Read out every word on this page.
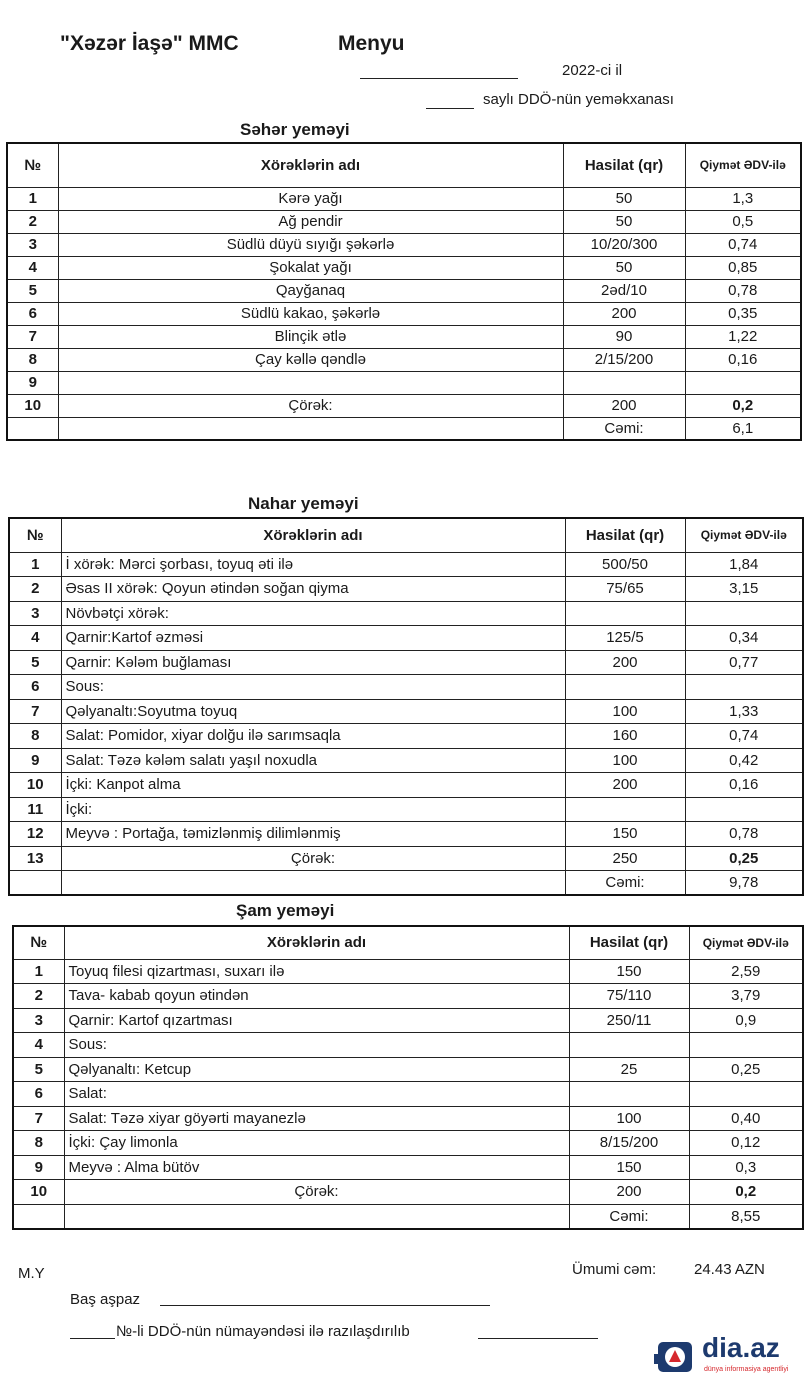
"Xəzər İaşə" MMC	Menyu
2022-ci il
saylı DDÖ-nün yeməkxanası
Səhər yeməyi
№	Xörəklərin adı	Hasilat (qr)	Qiymət ƏDV-ilə
1	Kərə yağı	50	1,3
2	Ağ pendir	50	0,5
3	Südlü düyü sıyığı şəkərlə	10/20/300	0,74
4	Şokalat yağı	50	0,85
5	Qayğanaq	2əd/10	0,78
6	Südlü kakao, şəkərlə	200	0,35
7	Blinçik ətlə	90	1,22
8	Çay kəllə qəndlə	2/15/200	0,16
9			
10	Çörək:	200	0,2
		Cəmi:	6,1
Nahar yeməyi
№	Xörəklərin adı	Hasilat (qr)	Qiymət ƏDV-ilə
1	İ xörək: Mərci şorbası, toyuq əti ilə	500/50	1,84
2	Əsas II xörək: Qoyun ətindən soğan qiyma	75/65	3,15
3	Növbətçi xörək:		
4	Qarnir:Kartof əzməsi	125/5	0,34
5	Qarnir: Kələm buğlaması	200	0,77
6	Sous:		
7	Qəlyanaltı:Soyutma toyuq	100	1,33
8	Salat: Pomidor, xiyar dolğu ilə sarımsaqla	160	0,74
9	Salat: Təzə kələm salatı yaşıl noxudla	100	0,42
10	İçki: Kanpot alma	200	0,16
11	İçki:		
12	Meyvə : Portağa, təmizlənmiş dilimlənmiş	150	0,78
13	Çörək:	250	0,25
		Cəmi:	9,78
Şam yeməyi
№	Xörəklərin adı	Hasilat (qr)	Qiymət ƏDV-ilə
1	Toyuq filesi qizartması, suxarı ilə	150	2,59
2	Tava- kabab qoyun ətindən	75/110	3,79
3	Qarnir: Kartof qızartması	250/11	0,9
4	Sous:		
5	Qəlyanaltı: Ketcup	25	0,25
6	Salat:		
7	Salat: Təzə xiyar göyərti mayanezlə	100	0,40
8	İçki: Çay limonla	8/15/200	0,12
9	Meyvə : Alma bütöv	150	0,3
10	Çörək:	200	0,2
		Cəmi:	8,55
M.Y	Ümumi cəm:	24.43 AZN
Baş aşpaz
№-li DDÖ-nün nümayəndəsi ilə razılaşdırılıb
dia.az
dünya informasiya agentliyi
